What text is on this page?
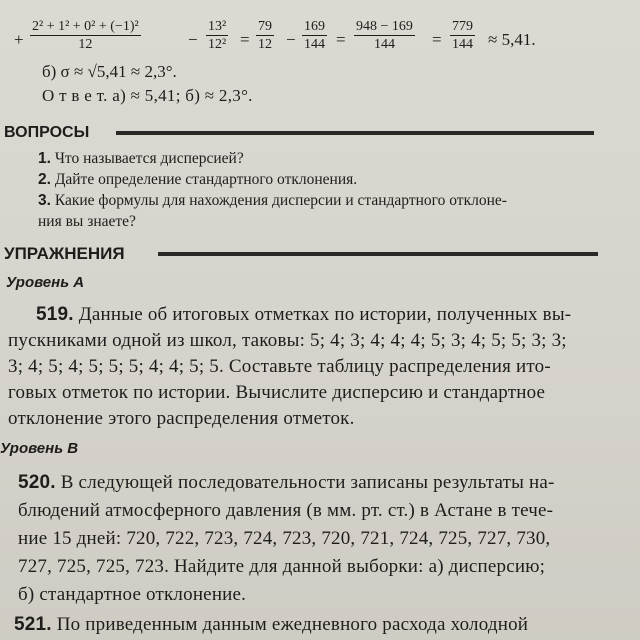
+ $\frac{\text{2² + 1² + 0² + (−1)²}}{12}$	− $\frac{\text{13²}}{\text{12²}} = \frac{79}{12} - \frac{169}{144} = \frac{948 - 169}{144} = \frac{779}{144} \approx 5,41$.
б) σ ≈ √5,41 ≈ 2,3°.
О т в е т. а) ≈ 5,41; б) ≈ 2,3°.
ВОПРОСЫ
1. Что называется дисперсией?
2. Дайте определение стандартного отклонения.
3. Какие формулы для нахождения дисперсии и стандартного отклоне-
ния вы знаете?
УПРАЖНЕНИЯ
Уровень А
519. Данные об итоговых отметках по истории, полученных вы-
пускниками одной из школ, таковы: 5; 4; 3; 4; 4; 4; 5; 3; 4; 5; 5; 3; 3;
3; 4; 5; 4; 5; 5; 5; 4; 4; 5; 5. Составьте таблицу распределения ито-
говых отметок по истории. Вычислите дисперсию и стандартное
отклонение этого распределения отметок.
Уровень В
520. В следующей последовательности записаны результаты на-
блюдений атмосферного давления (в мм. рт. ст.) в Астане в тече-
ние 15 дней: 720, 722, 723, 724, 723, 720, 721, 724, 725, 727, 730,
727, 725, 725, 723. Найдите для данной выборки: а) дисперсию;
б) стандартное отклонение.
521. По приведенным данным ежедневного расхода холодной
